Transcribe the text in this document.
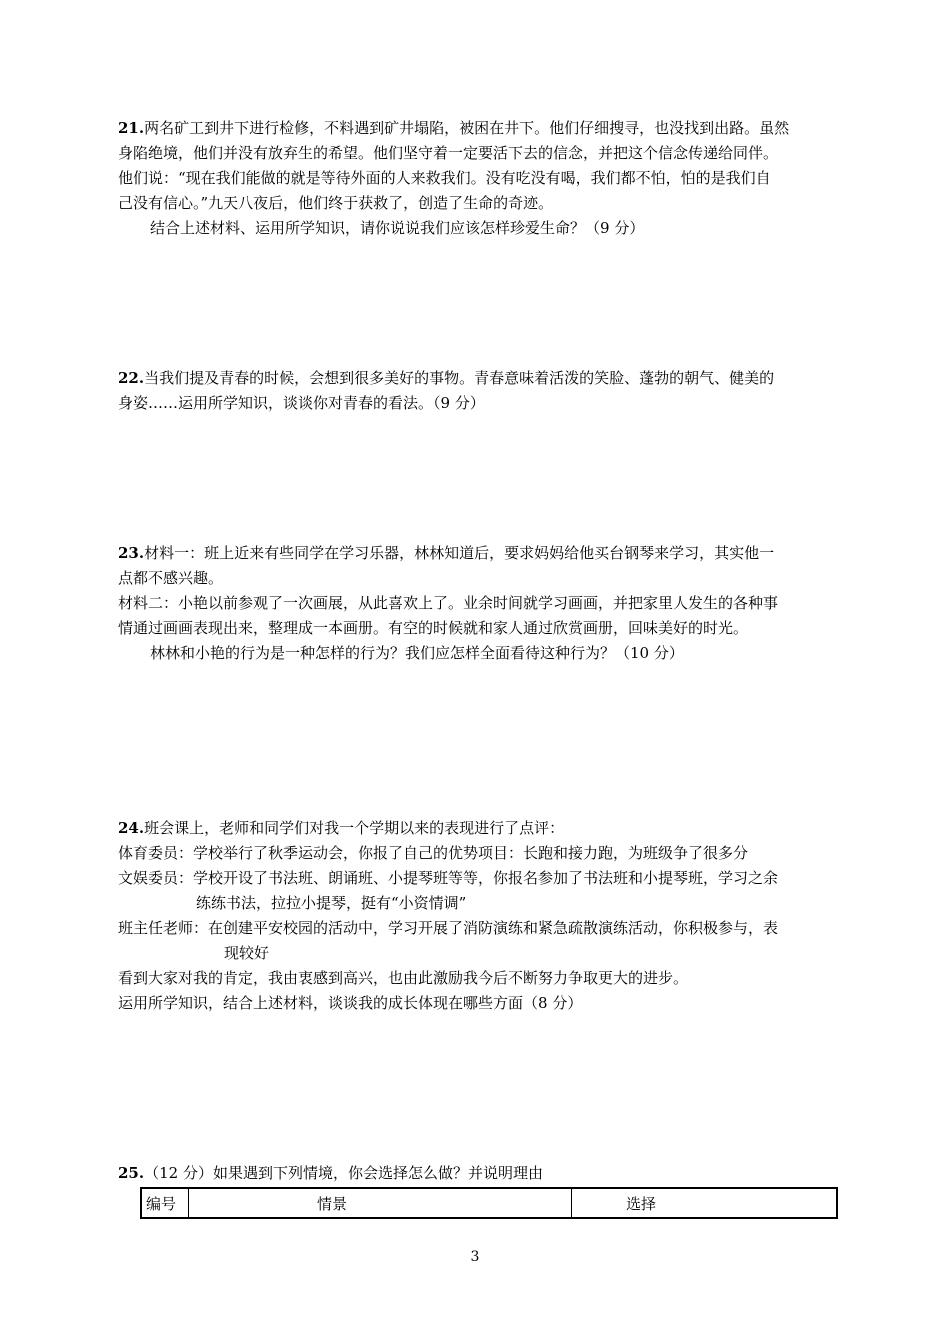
21.两名矿工到井下进行检修，不料遇到矿井塌陷，被困在井下。他们仔细搜寻，也没找到出路。虽然
身陷绝境，他们并没有放弃生的希望。他们坚守着一定要活下去的信念，并把这个信念传递给同伴。
他们说：“现在我们能做的就是等待外面的人来救我们。没有吃没有喝，我们都不怕，怕的是我们自
己没有信心。”九天八夜后，他们终于获救了，创造了生命的奇迹。
结合上述材料、运用所学知识，请你说说我们应该怎样珍爱生命？（9 分）
22.当我们提及青春的时候，会想到很多美好的事物。青春意味着活泼的笑脸、蓬勃的朝气、健美的
身姿……运用所学知识，谈谈你对青春的看法。（9 分）
23.材料一：班上近来有些同学在学习乐器，林林知道后，要求妈妈给他买台钢琴来学习，其实他一
点都不感兴趣。
材料二：小艳以前参观了一次画展，从此喜欢上了。业余时间就学习画画，并把家里人发生的各种事
情通过画画表现出来，整理成一本画册。有空的时候就和家人通过欣赏画册，回味美好的时光。
林林和小艳的行为是一种怎样的行为？我们应怎样全面看待这种行为？（10 分）
24.班会课上，老师和同学们对我一个学期以来的表现进行了点评：
体育委员：学校举行了秋季运动会，你报了自己的优势项目：长跑和接力跑，为班级争了很多分
文娱委员：学校开设了书法班、朗诵班、小提琴班等等，你报名参加了书法班和小提琴班，学习之余
练练书法，拉拉小提琴，挺有“小资情调”
班主任老师：在创建平安校园的活动中，学习开展了消防演练和紧急疏散演练活动，你积极参与，表
现较好
看到大家对我的肯定，我由衷感到高兴，也由此激励我今后不断努力争取更大的进步。
运用所学知识，结合上述材料，谈谈我的成长体现在哪些方面（8 分）
25.（12 分）如果遇到下列情境，你会选择怎么做？并说明理由
编号	情景	选择
3
